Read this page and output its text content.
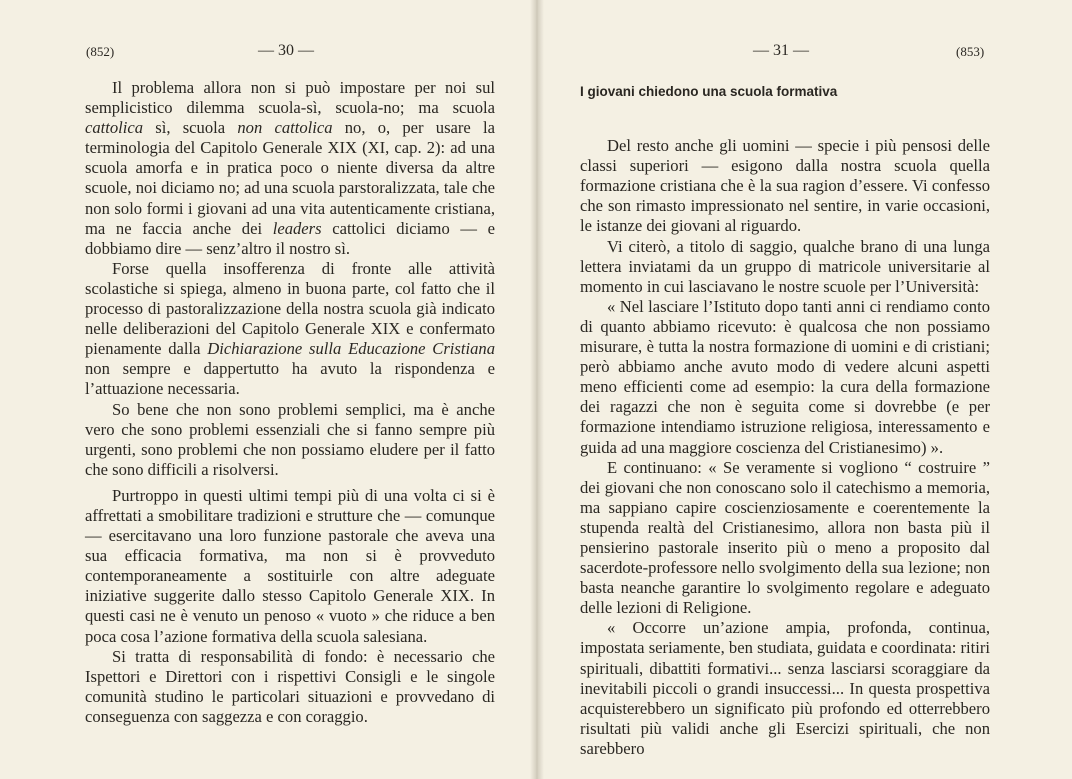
(852)	— 30 —

Il problema allora non si può impostare per noi sul semplicistico dilemma scuola-sì, scuola-no; ma scuola cattolica sì, scuola non cattolica no, o, per usare la terminologia del Capitolo Generale XIX (XI, cap. 2): ad una scuola amorfa e in pratica poco o niente diversa da altre scuole, noi diciamo no; ad una scuola parstoralizzata, tale che non solo formi i giovani ad una vita autenticamente cristiana, ma ne faccia anche dei leaders cattolici diciamo — e dobbiamo dire — senz’altro il nostro sì.

Forse quella insofferenza di fronte alle attività scolastiche si spiega, almeno in buona parte, col fatto che il processo di pastoralizzazione della nostra scuola già indicato nelle deliberazioni del Capitolo Generale XIX e confermato pienamente dalla Dichiarazione sulla Educazione Cristiana non sempre e dappertutto ha avuto la rispondenza e l’attuazione necessaria.

So bene che non sono problemi semplici, ma è anche vero che sono problemi essenziali che si fanno sempre più urgenti, sono problemi che non possiamo eludere per il fatto che sono difficili a risolversi.

Purtroppo in questi ultimi tempi più di una volta ci si è affrettati a smobilitare tradizioni e strutture che — comunque — esercitavano una loro funzione pastorale che aveva una sua efficacia formativa, ma non si è provveduto contemporaneamente a sostituirle con altre adeguate iniziative suggerite dallo stesso Capitolo Generale XIX. In questi casi ne è venuto un penoso « vuoto » che riduce a ben poca cosa l’azione formativa della scuola salesiana.

Si tratta di responsabilità di fondo: è necessario che Ispettori e Direttori con i rispettivi Consigli e le singole comunità studino le particolari situazioni e provvedano di conseguenza con saggezza e con coraggio.

— 31 —	(853)
I giovani chiedono una scuola formativa

Del resto anche gli uomini — specie i più pensosi delle classi superiori — esigono dalla nostra scuola quella formazione cristiana che è la sua ragion d’essere. Vi confesso che son rimasto impressionato nel sentire, in varie occasioni, le istanze dei giovani al riguardo.

Vi citerò, a titolo di saggio, qualche brano di una lunga lettera inviatami da un gruppo di matricole universitarie al momento in cui lasciavano le nostre scuole per l’Università:

« Nel lasciare l’Istituto dopo tanti anni ci rendiamo conto di quanto abbiamo ricevuto: è qualcosa che non possiamo misurare, è tutta la nostra formazione di uomini e di cristiani; però abbiamo anche avuto modo di vedere alcuni aspetti meno efficienti come ad esempio: la cura della formazione dei ragazzi che non è seguita come si dovrebbe (e per formazione intendiamo istruzione religiosa, interessamento e guida ad una maggiore coscienza del Cristianesimo) ».

E continuano: « Se veramente si vogliono “ costruire ” dei giovani che non conoscano solo il catechismo a memoria, ma sappiano capire coscienziosamente e coerentemente la stupenda realtà del Cristianesimo, allora non basta più il pensierino pastorale inserito più o meno a proposito dal sacerdote-professore nello svolgimento della sua lezione; non basta neanche garantire lo svolgimento regolare e adeguato delle lezioni di Religione.

« Occorre un’azione ampia, profonda, continua, impostata seriamente, ben studiata, guidata e coordinata: ritiri spirituali, dibattiti formativi... senza lasciarsi scoraggiare da inevitabili piccoli o grandi insuccessi... In questa prospettiva acquisterebbero un significato più profondo ed otterrebbero risultati più validi anche gli Esercizi spirituali, che non sarebbero
